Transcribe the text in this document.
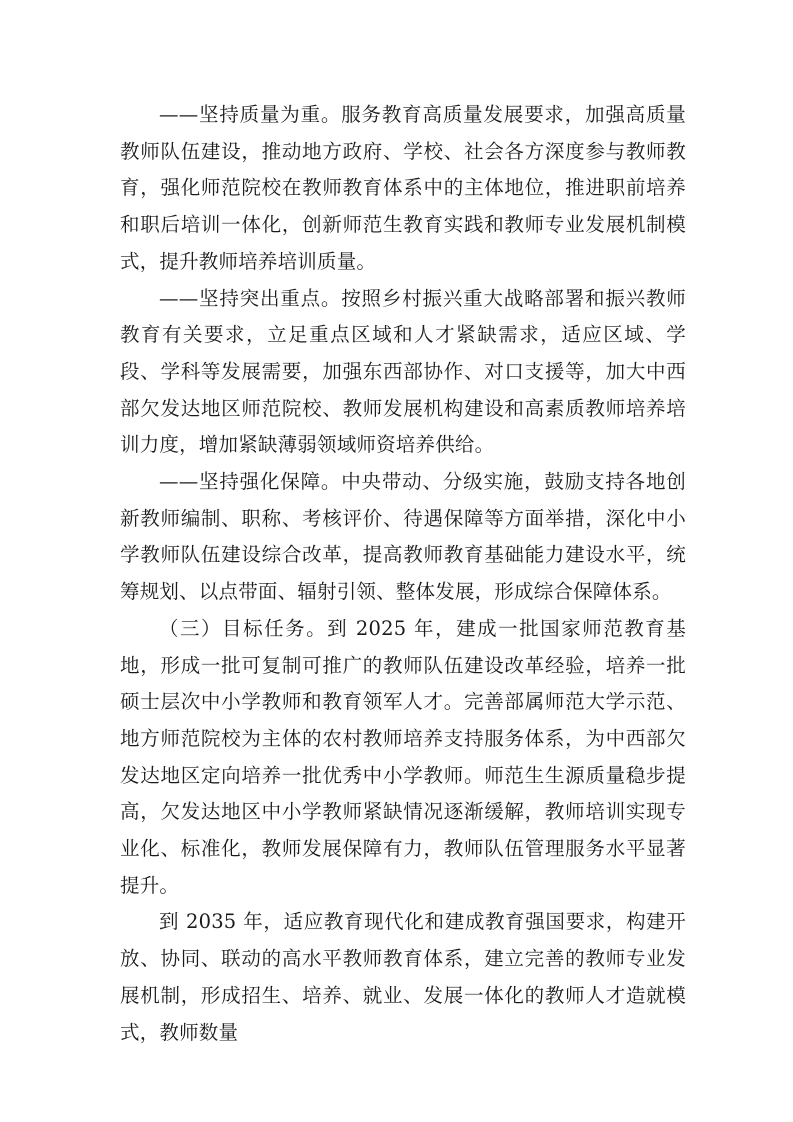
——坚持质量为重。服务教育高质量发展要求，加强高质量教师队伍建设，推动地方政府、学校、社会各方深度参与教师教育，强化师范院校在教师教育体系中的主体地位，推进职前培养和职后培训一体化，创新师范生教育实践和教师专业发展机制模式，提升教师培养培训质量。

——坚持突出重点。按照乡村振兴重大战略部署和振兴教师教育有关要求，立足重点区域和人才紧缺需求，适应区域、学段、学科等发展需要，加强东西部协作、对口支援等，加大中西部欠发达地区师范院校、教师发展机构建设和高素质教师培养培训力度，增加紧缺薄弱领域师资培养供给。

——坚持强化保障。中央带动、分级实施，鼓励支持各地创新教师编制、职称、考核评价、待遇保障等方面举措，深化中小学教师队伍建设综合改革，提高教师教育基础能力建设水平，统筹规划、以点带面、辐射引领、整体发展，形成综合保障体系。

（三）目标任务。到 2025 年，建成一批国家师范教育基地，形成一批可复制可推广的教师队伍建设改革经验，培养一批硕士层次中小学教师和教育领军人才。完善部属师范大学示范、地方师范院校为主体的农村教师培养支持服务体系，为中西部欠发达地区定向培养一批优秀中小学教师。师范生生源质量稳步提高，欠发达地区中小学教师紧缺情况逐渐缓解，教师培训实现专业化、标准化，教师发展保障有力，教师队伍管理服务水平显著提升。

到 2035 年，适应教育现代化和建成教育强国要求，构建开放、协同、联动的高水平教师教育体系，建立完善的教师专业发展机制，形成招生、培养、就业、发展一体化的教师人才造就模式，教师数量
